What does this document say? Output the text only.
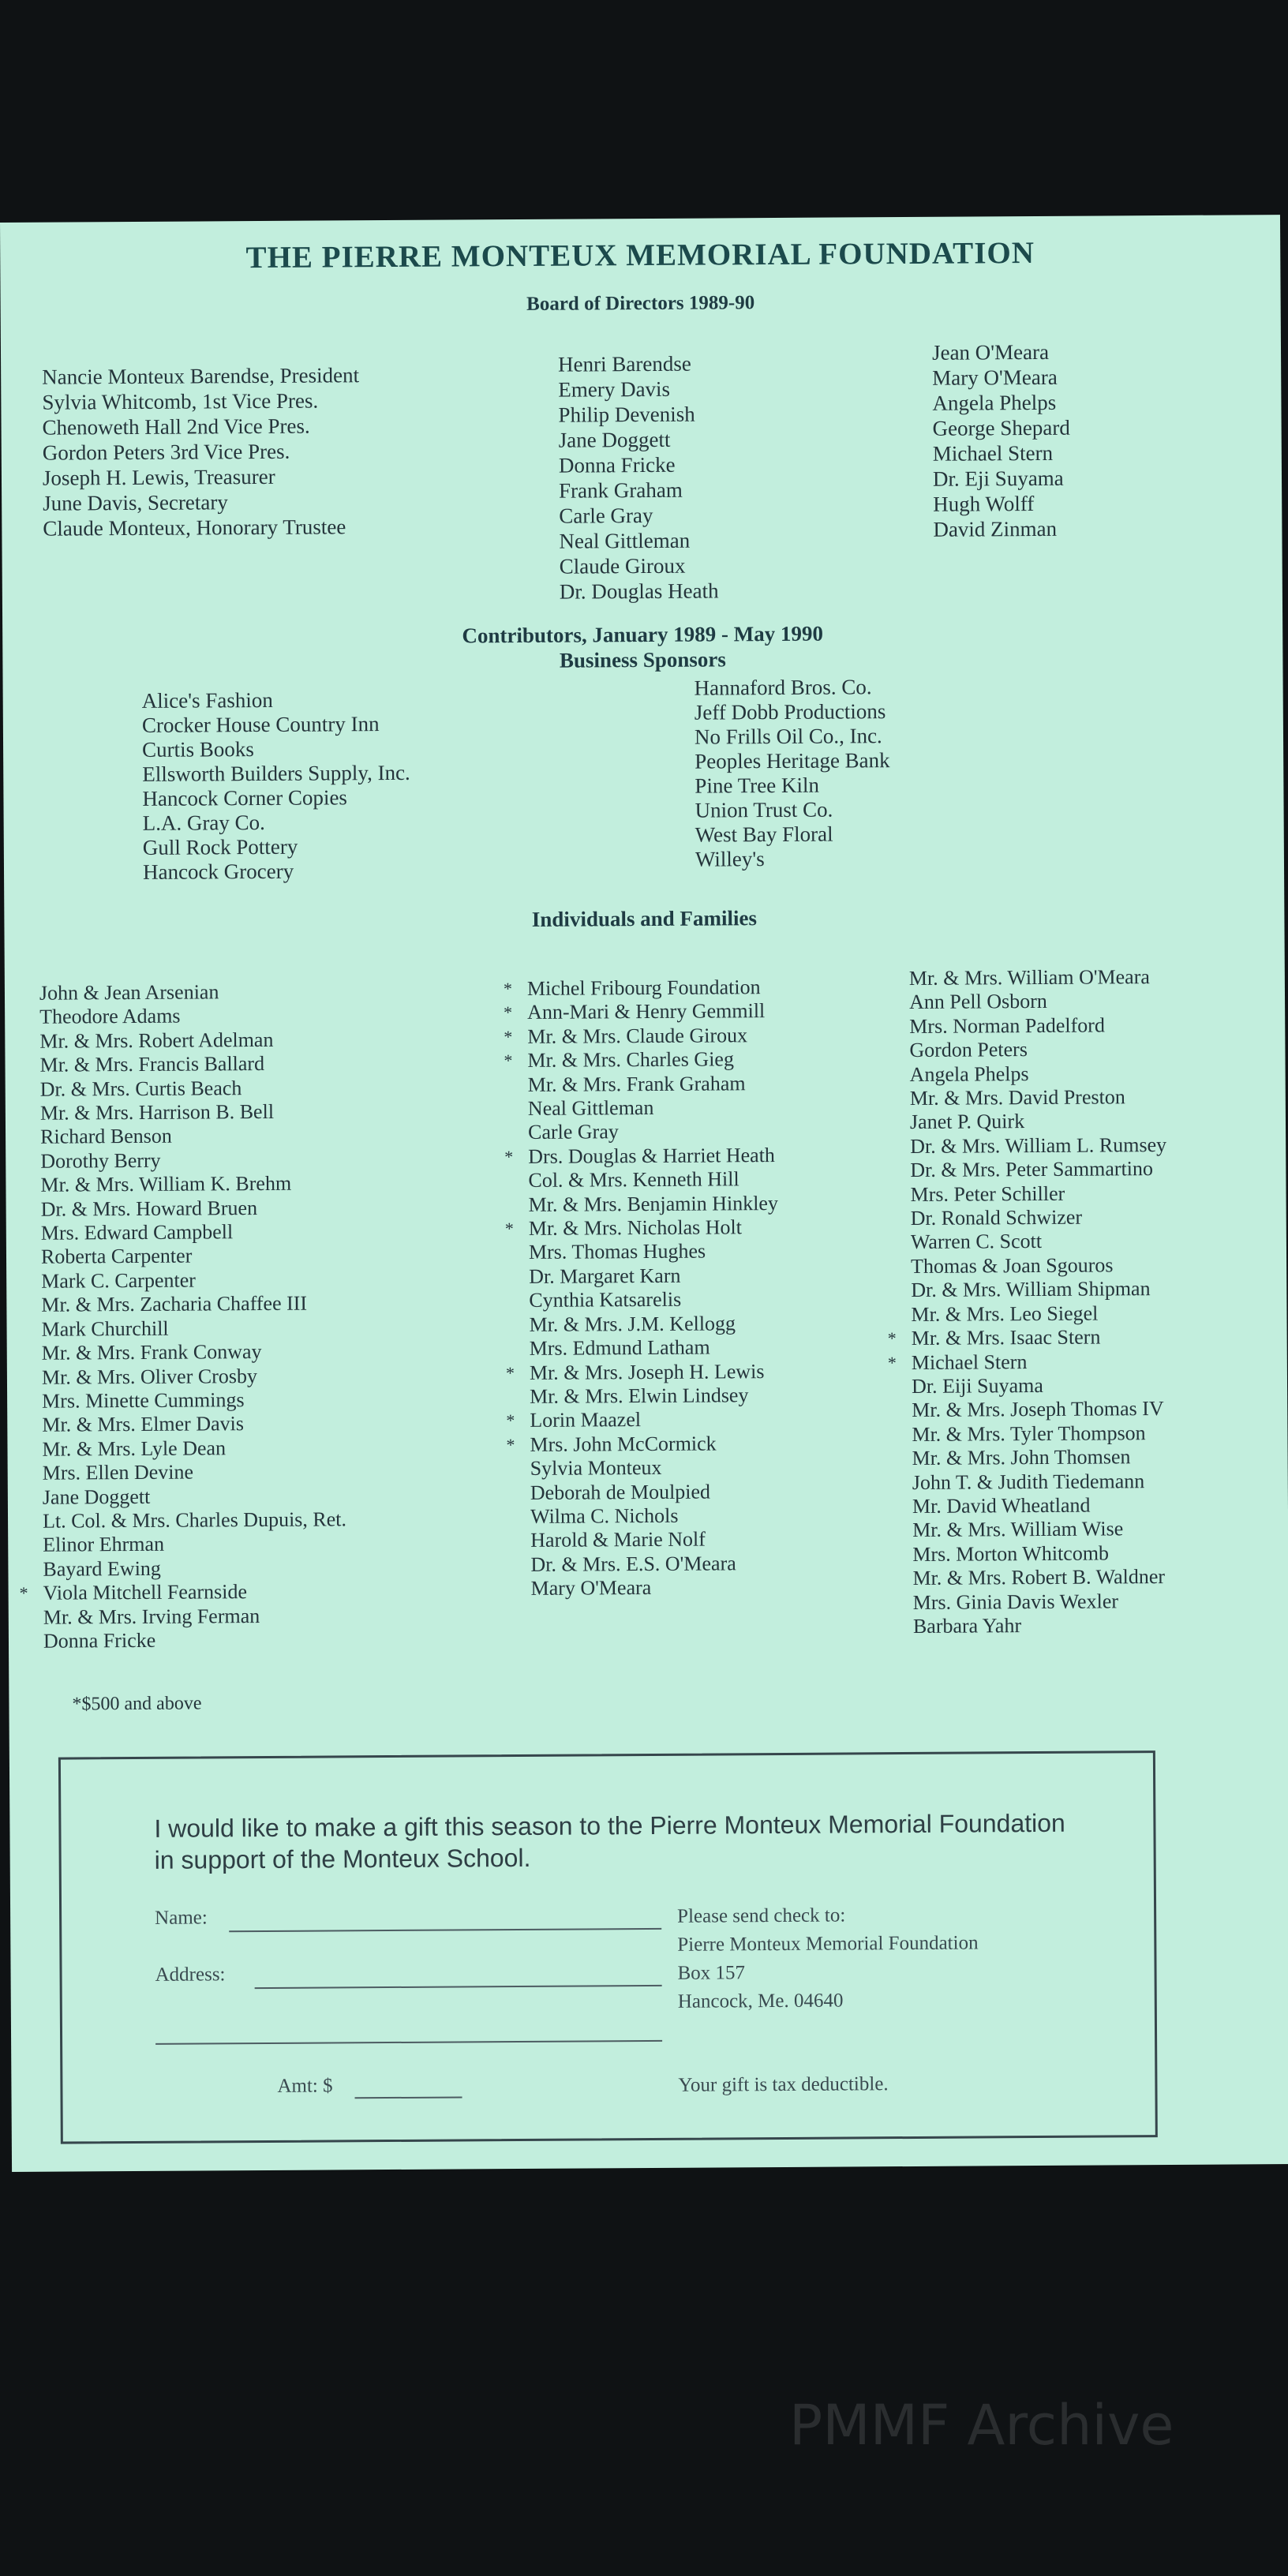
THE PIERRE MONTEUX MEMORIAL FOUNDATION
Board of Directors 1989-90
Nancie Monteux Barendse, President
Sylvia Whitcomb, 1st Vice Pres.
Chenoweth Hall 2nd Vice Pres.
Gordon Peters 3rd Vice Pres.
Joseph H. Lewis, Treasurer
June Davis, Secretary
Claude Monteux, Honorary Trustee
Henri Barendse
Emery Davis
Philip Devenish
Jane Doggett
Donna Fricke
Frank Graham
Carle Gray
Neal Gittleman
Claude Giroux
Dr. Douglas Heath
Jean O'Meara
Mary O'Meara
Angela Phelps
George Shepard
Michael Stern
Dr. Eji Suyama
Hugh Wolff
David Zinman
Contributors, January 1989 - May 1990
Business Sponsors
Alice's Fashion
Crocker House Country Inn
Curtis Books
Ellsworth Builders Supply, Inc.
Hancock Corner Copies
L.A. Gray Co.
Gull Rock Pottery
Hancock Grocery
Hannaford Bros. Co.
Jeff Dobb Productions
No Frills Oil Co., Inc.
Peoples Heritage Bank
Pine Tree Kiln
Union Trust Co.
West Bay Floral
Willey's
Individuals and Families
John & Jean Arsenian
Theodore Adams
Mr. & Mrs. Robert Adelman
Mr. & Mrs. Francis Ballard
Dr. & Mrs. Curtis Beach
Mr. & Mrs. Harrison B. Bell
Richard Benson
Dorothy Berry
Mr. & Mrs. William K. Brehm
Dr. & Mrs. Howard Bruen
Mrs. Edward Campbell
Roberta Carpenter
Mark C. Carpenter
Mr. & Mrs. Zacharia Chaffee III
Mark Churchill
Mr. & Mrs. Frank Conway
Mr. & Mrs. Oliver Crosby
Mrs. Minette Cummings
Mr. & Mrs. Elmer Davis
Mr. & Mrs. Lyle Dean
Mrs. Ellen Devine
Jane Doggett
Lt. Col. & Mrs. Charles Dupuis, Ret.
Elinor Ehrman
Bayard Ewing
* Viola Mitchell Fearnside
Mr. & Mrs. Irving Ferman
Donna Fricke
* Michel Fribourg Foundation
* Ann-Mari & Henry Gemmill
* Mr. & Mrs. Claude Giroux
* Mr. & Mrs. Charles Gieg
Mr. & Mrs. Frank Graham
Neal Gittleman
Carle Gray
* Drs. Douglas & Harriet Heath
Col. & Mrs. Kenneth Hill
Mr. & Mrs. Benjamin Hinkley
* Mr. & Mrs. Nicholas Holt
Mrs. Thomas Hughes
Dr. Margaret Karn
Cynthia Katsarelis
Mr. & Mrs. J.M. Kellogg
Mrs. Edmund Latham
* Mr. & Mrs. Joseph H. Lewis
Mr. & Mrs. Elwin Lindsey
* Lorin Maazel
* Mrs. John McCormick
Sylvia Monteux
Deborah de Moulpied
Wilma C. Nichols
Harold & Marie Nolf
Dr. & Mrs. E.S. O'Meara
Mary O'Meara
Mr. & Mrs. William O'Meara
Ann Pell Osborn
Mrs. Norman Padelford
Gordon Peters
Angela Phelps
Mr. & Mrs. David Preston
Janet P. Quirk
Dr. & Mrs. William L. Rumsey
Dr. & Mrs. Peter Sammartino
Mrs. Peter Schiller
Dr. Ronald Schwizer
Warren C. Scott
Thomas & Joan Sgouros
Dr. & Mrs. William Shipman
Mr. & Mrs. Leo Siegel
* Mr. & Mrs. Isaac Stern
* Michael Stern
Dr. Eiji Suyama
Mr. & Mrs. Joseph Thomas IV
Mr. & Mrs. Tyler Thompson
Mr. & Mrs. John Thomsen
John T. & Judith Tiedemann
Mr. David Wheatland
Mr. & Mrs. William Wise
Mrs. Morton Whitcomb
Mr. & Mrs. Robert B. Waldner
Mrs. Ginia Davis Wexler
Barbara Yahr
*$500 and above
I would like to make a gift this season to the Pierre Monteux Memorial Foundation in support of the Monteux School.
Name:
Address:
Amt: $
Please send check to:
Pierre Monteux Memorial Foundation
Box 157
Hancock, Me. 04640
Your gift is tax deductible.
PMMF Archive
